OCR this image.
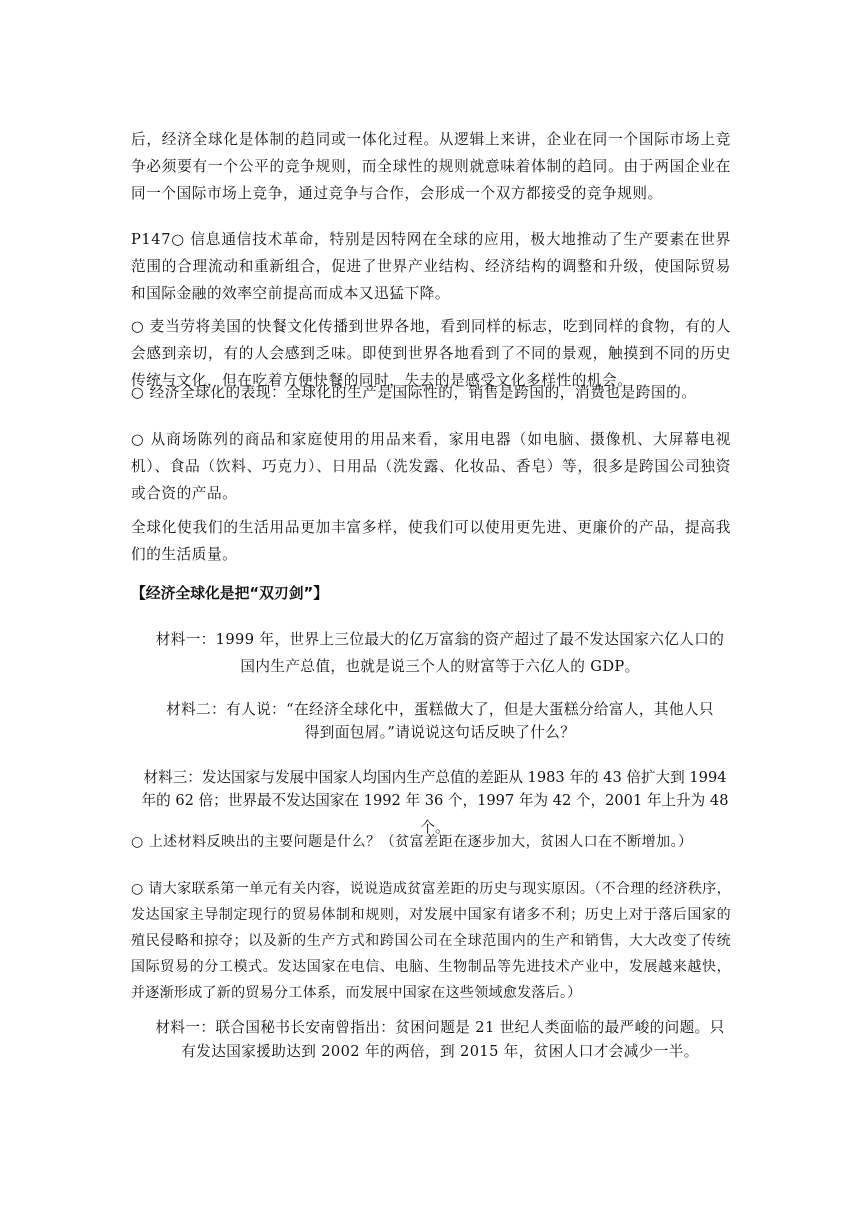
后，经济全球化是体制的趋同或一体化过程。从逻辑上来讲，企业在同一个国际市场上竞争必须要有一个公平的竞争规则，而全球性的规则就意味着体制的趋同。由于两国企业在同一个国际市场上竞争，通过竞争与合作，会形成一个双方都接受的竞争规则。

P147○ 信息通信技术革命，特别是因特网在全球的应用，极大地推动了生产要素在世界范围的合理流动和重新组合，促进了世界产业结构、经济结构的调整和升级，使国际贸易和国际金融的效率空前提高而成本又迅猛下降。

○ 麦当劳将美国的快餐文化传播到世界各地，看到同样的标志，吃到同样的食物，有的人会感到亲切，有的人会感到乏味。即使到世界各地看到了不同的景观，触摸到不同的历史传统与文化，但在吃着方便快餐的同时，失去的是感受文化多样性的机会。

○ 经济全球化的表现：全球化的生产是国际性的，销售是跨国的，消费也是跨国的。

○ 从商场陈列的商品和家庭使用的用品来看，家用电器（如电脑、摄像机、大屏幕电视机）、食品（饮料、巧克力）、日用品（洗发露、化妆品、香皂）等，很多是跨国公司独资或合资的产品。

全球化使我们的生活用品更加丰富多样，使我们可以使用更先进、更廉价的产品，提高我们的生活质量。

【经济全球化是把“双刃剑”】

材料一：1999 年，世界上三位最大的亿万富翁的资产超过了最不发达国家六亿人口的

国内生产总值，也就是说三个人的财富等于六亿人的 GDP。

材料二：有人说：“在经济全球化中，蛋糕做大了，但是大蛋糕分给富人，其他人只

得到面包屑。”请说说这句话反映了什么？

材料三：发达国家与发展中国家人均国内生产总值的差距从 1983 年的 43 倍扩大到 1994

年的 62 倍；世界最不发达国家在 1992 年 36 个，1997 年为 42 个，2001 年上升为 48 个。

○ 上述材料反映出的主要问题是什么？（贫富差距在逐步加大，贫困人口在不断增加。）

○ 请大家联系第一单元有关内容，说说造成贫富差距的历史与现实原因。（不合理的经济秩序，发达国家主导制定现行的贸易体制和规则，对发展中国家有诸多不利；历史上对于落后国家的殖民侵略和掠夺；以及新的生产方式和跨国公司在全球范围内的生产和销售，大大改变了传统国际贸易的分工模式。发达国家在电信、电脑、生物制品等先进技术产业中，发展越来越快，并逐渐形成了新的贸易分工体系，而发展中国家在这些领域愈发落后。）

材料一：联合国秘书长安南曾指出：贫困问题是 21 世纪人类面临的最严峻的问题。只

有发达国家援助达到 2002 年的两倍，到 2015 年，贫困人口才会减少一半。
